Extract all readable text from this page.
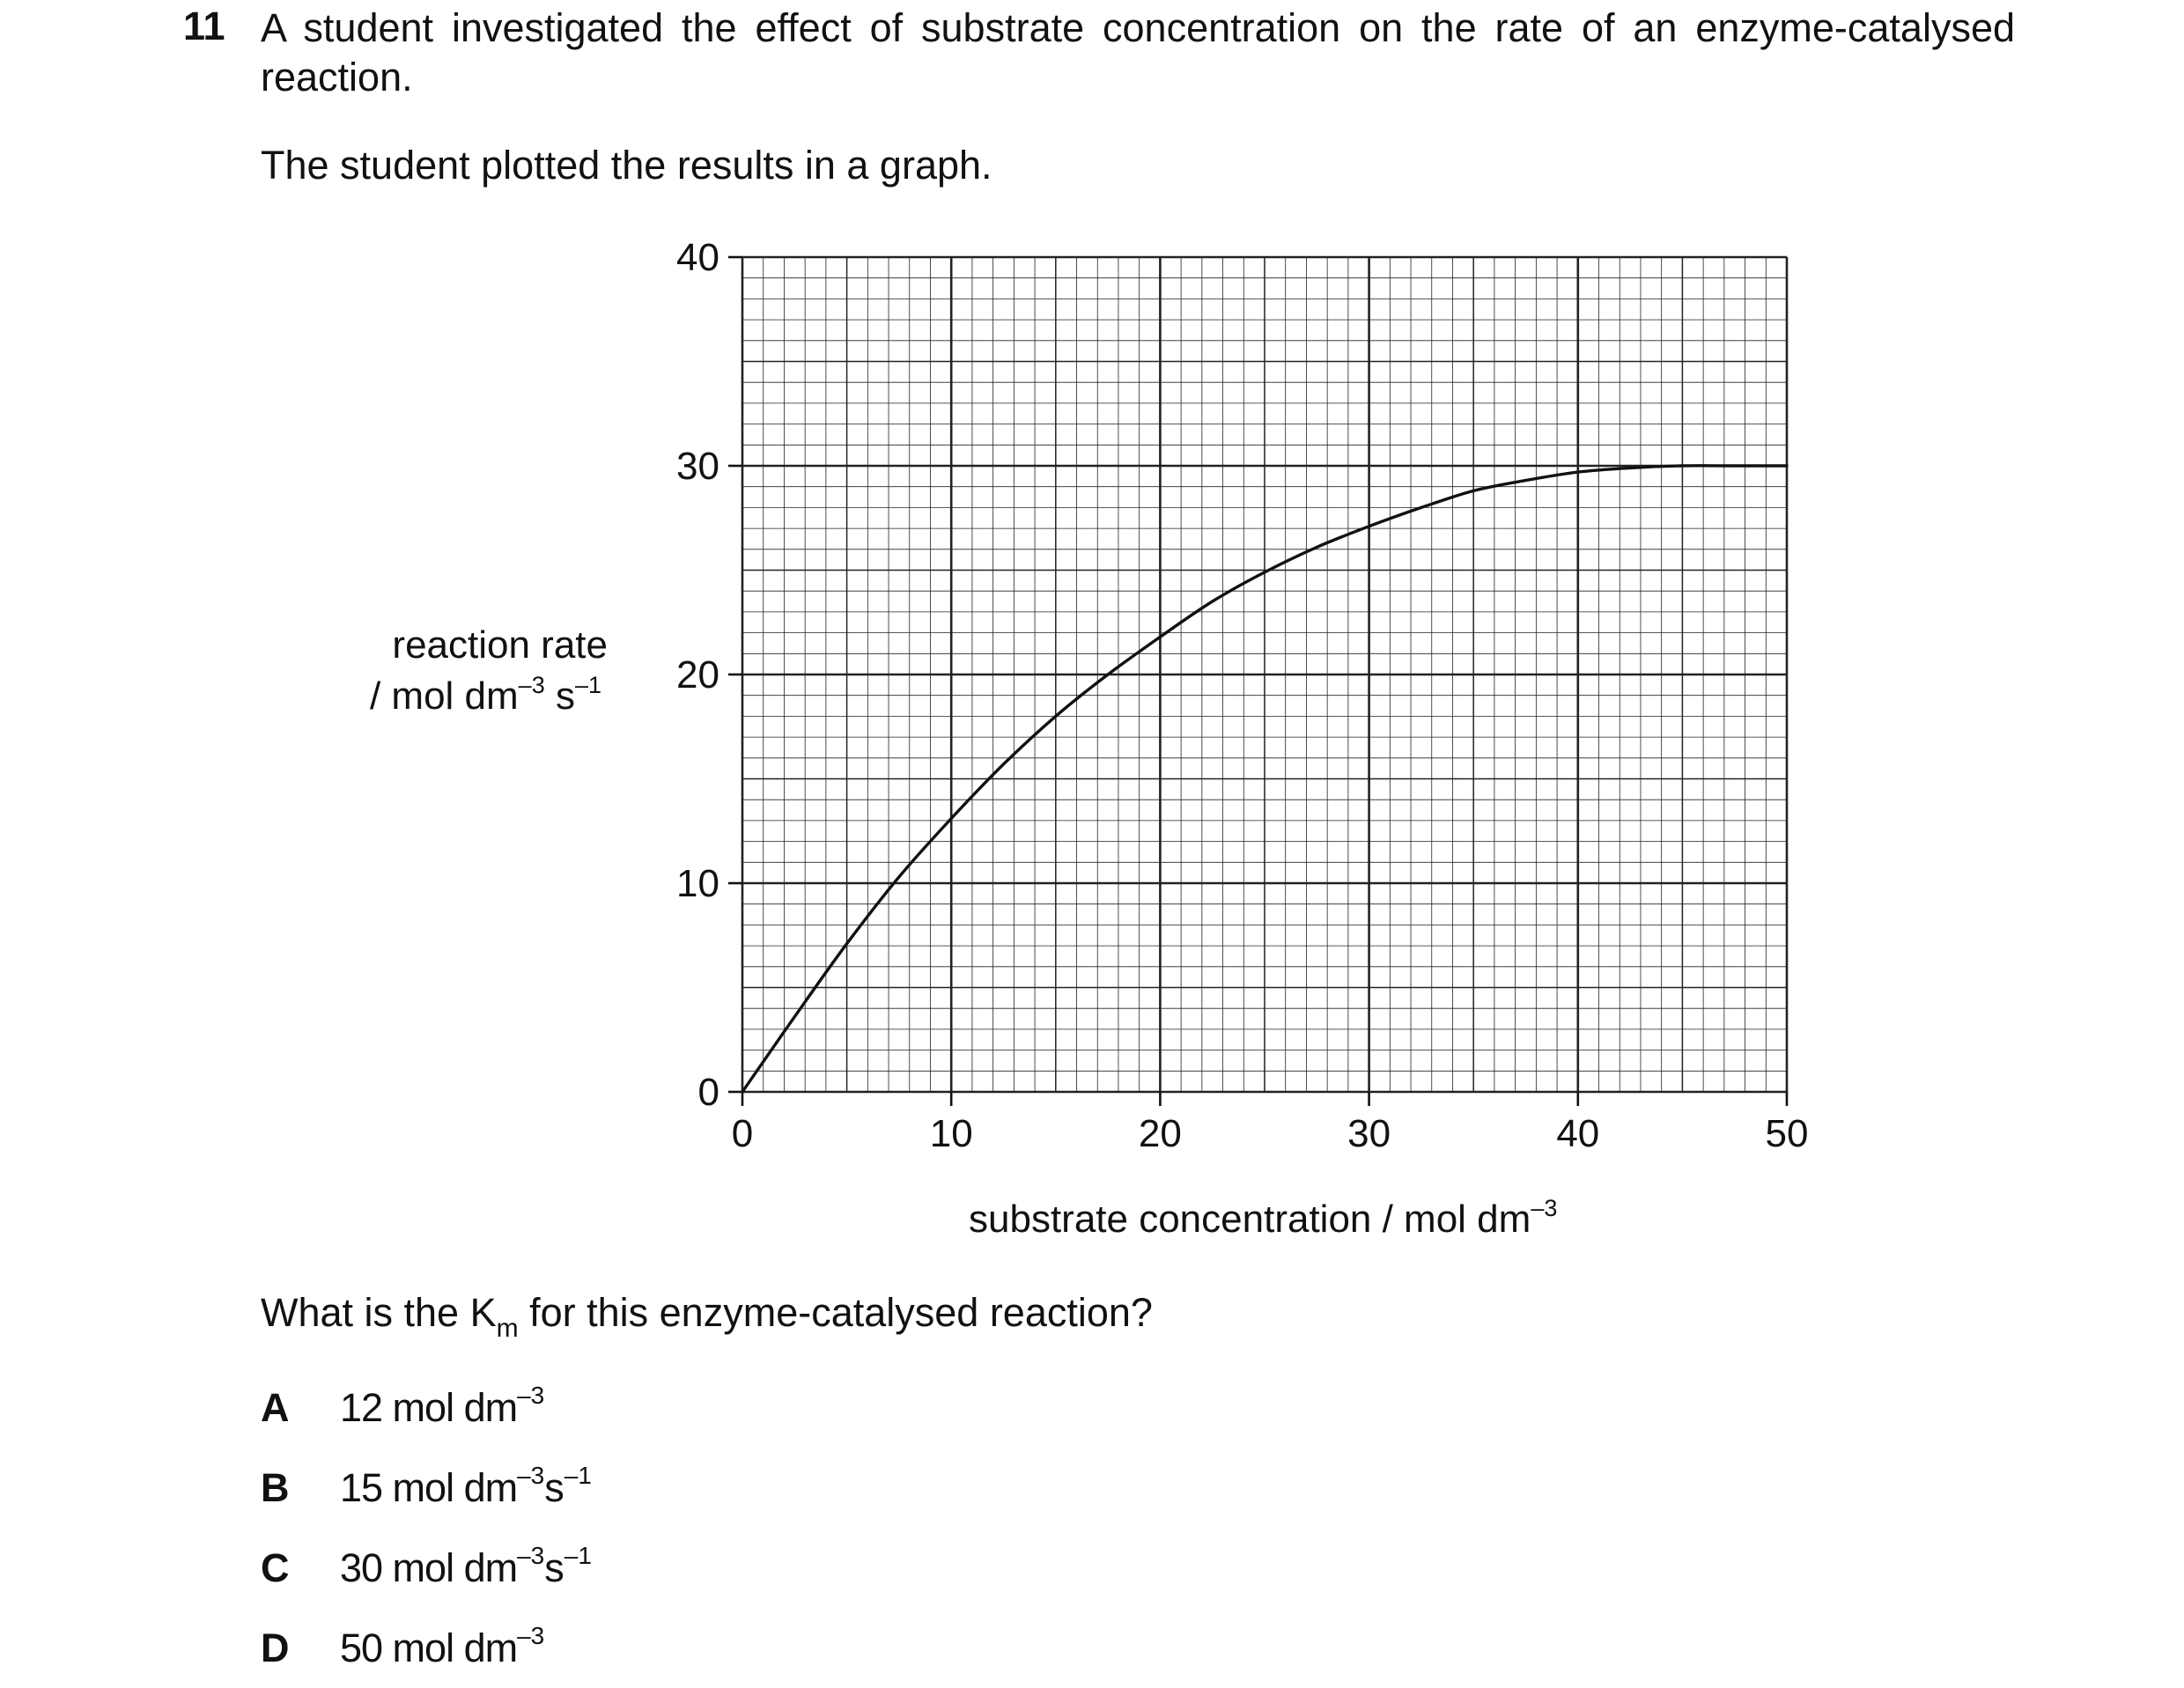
11 A student investigated the effect of substrate concentration on the rate of an enzyme-catalysed reaction.
The student plotted the results in a graph.
0	10	20	30	40	50
0
10
20
30
40
reaction rate
/ mol $dm^{-3}$ $s^{-1}$
substrate concentration / mol $dm^{-3}$
What is the $K_m$ for this enzyme-catalysed reaction?
A 12 mol $dm^{-3}$
B 15 mol $dm^{-3}s^{-1}$
C 30 mol $dm^{-3}s^{-1}$
D 50 mol $dm^{-3}$
